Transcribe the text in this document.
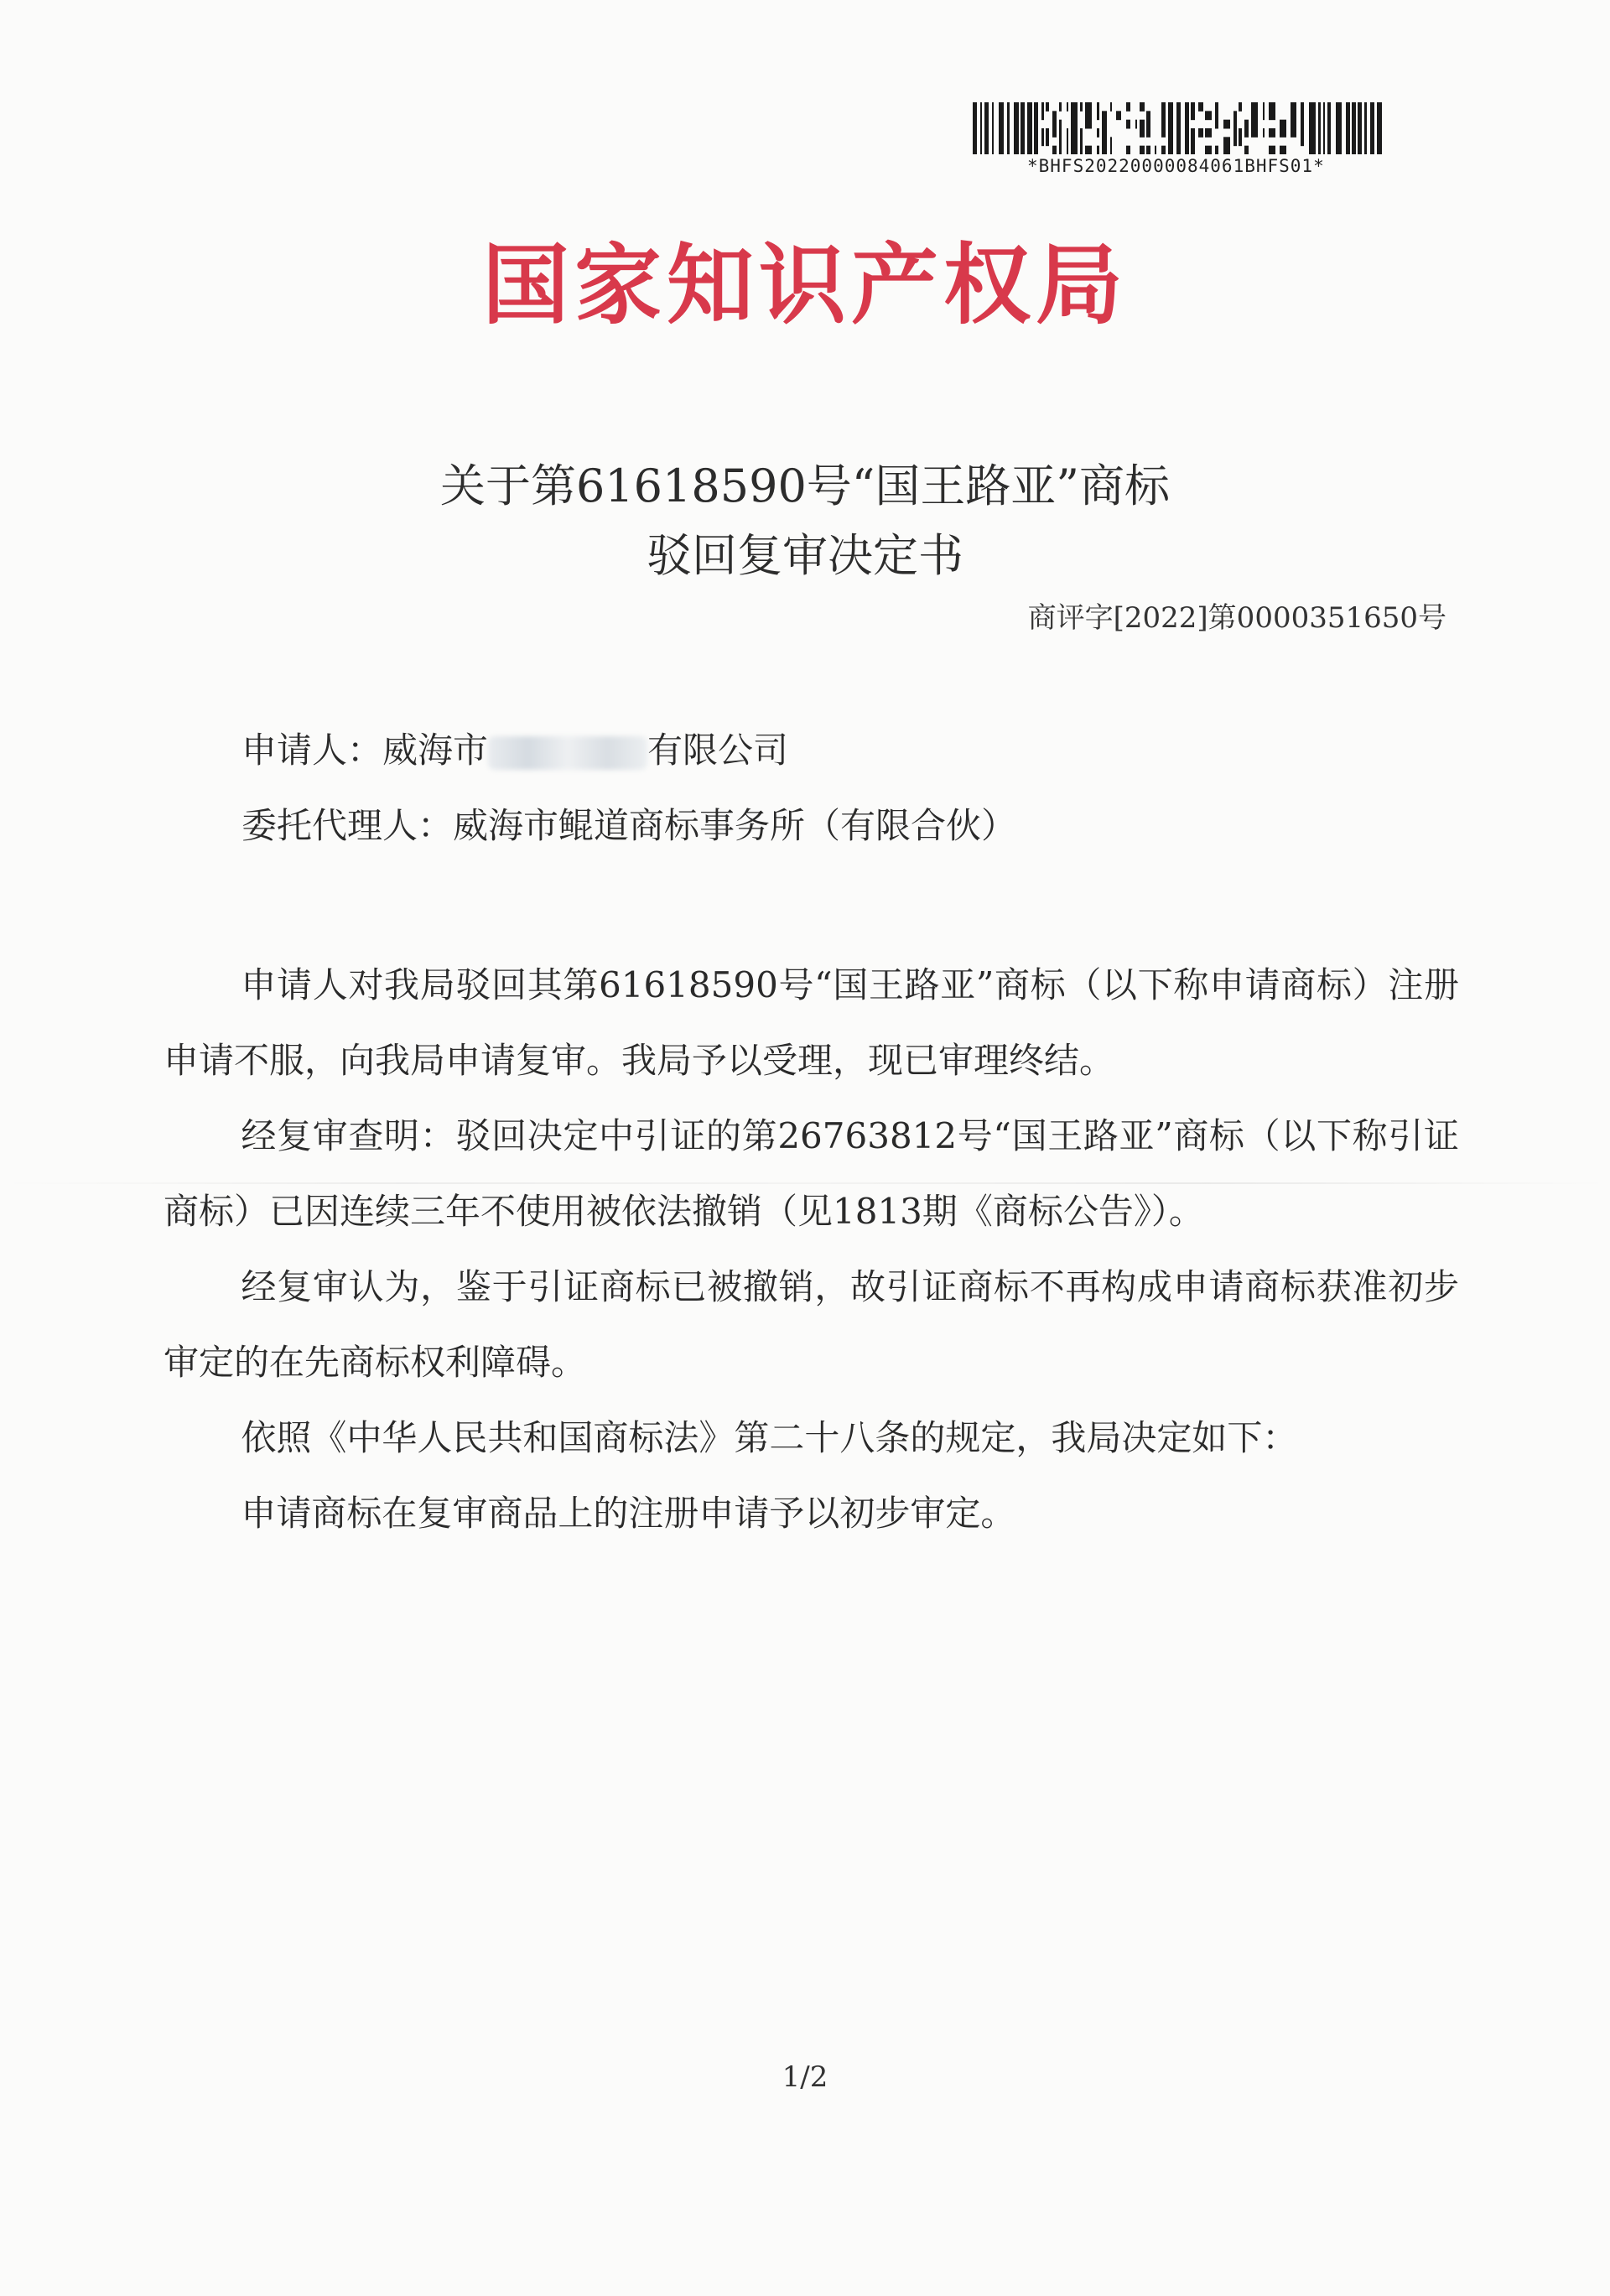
*BHFS20220000084061BHFS01*
国家知识产权局
关于第61618590号“国王路亚”商标
驳回复审决定书
商评字[2022]第0000351650号
申请人：威海市	有限公司
委托代理人：威海市鲲道商标事务所（有限合伙）

申请人对我局驳回其第61618590号“国王路亚”商标（以下称申请商标）注册申请不服，向我局申请复审。我局予以受理，现已审理终结。

经复审查明：驳回决定中引证的第26763812号“国王路亚”商标（以下称引证商标）已因连续三年不使用被依法撤销（见1813期《商标公告》）。

经复审认为，鉴于引证商标已被撤销，故引证商标不再构成申请商标获准初步审定的在先商标权利障碍。

依照《中华人民共和国商标法》第二十八条的规定，我局决定如下：

申请商标在复审商品上的注册申请予以初步审定。

1/2
